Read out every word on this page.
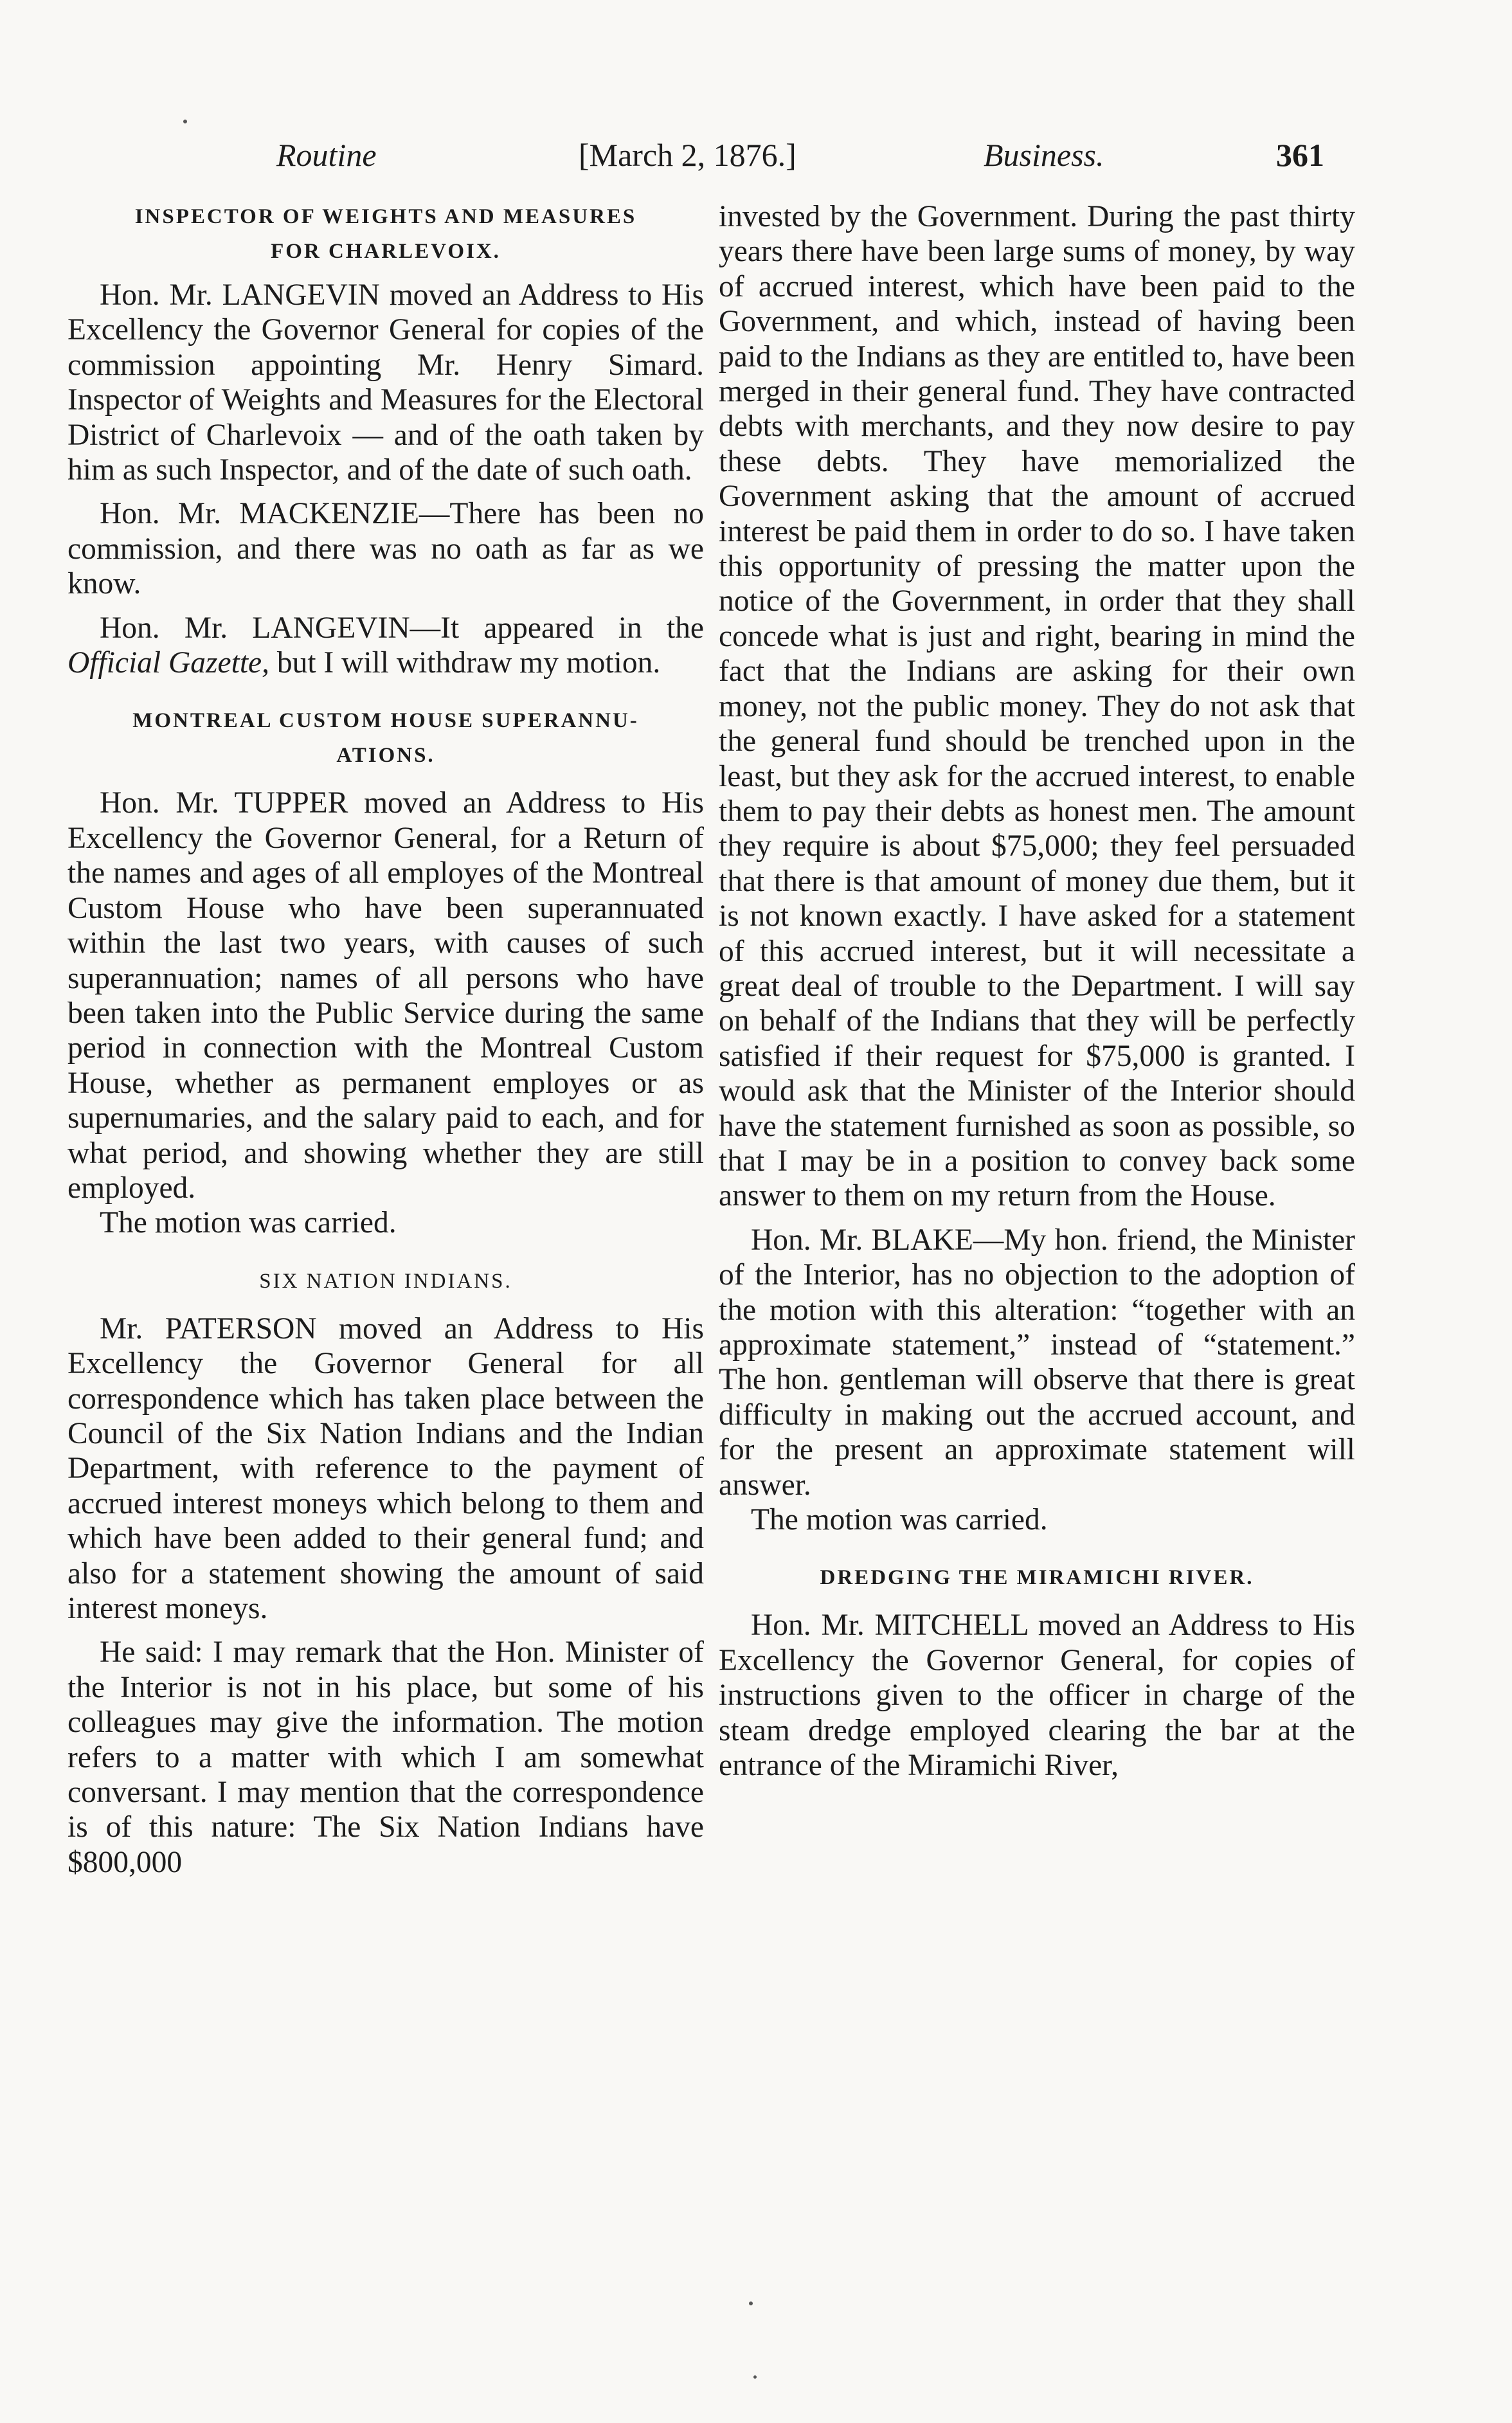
Routine	[March 2, 1876.]	Business.	361

INSPECTOR OF WEIGHTS AND MEASURES

FOR CHARLEVOIX.

Hon. Mr. LANGEVIN moved an Address to His Excellency the Governor General for copies of the commission appointing Mr. Henry Simard. Inspector of Weights and Measures for the Electoral District of Charlevoix — and of the oath taken by him as such Inspector, and of the date of such oath.

Hon. Mr. MACKENZIE—There has been no commission, and there was no oath as far as we know.

Hon. Mr. LANGEVIN—It appeared in the Official Gazette, but I will withdraw my motion.

MONTREAL CUSTOM HOUSE SUPERANNU-

ATIONS.

Hon. Mr. TUPPER moved an Address to His Excellency the Governor General, for a Return of the names and ages of all employes of the Montreal Custom House who have been superannuated within the last two years, with causes of such superannuation; names of all persons who have been taken into the Public Service during the same period in connection with the Montreal Custom House, whether as permanent employes or as supernumaries, and the salary paid to each, and for what period, and showing whether they are still employed.

The motion was carried.

SIX NATION INDIANS.

Mr. PATERSON moved an Address to His Excellency the Governor General for all correspondence which has taken place between the Council of the Six Nation Indians and the Indian Department, with reference to the payment of accrued interest moneys which belong to them and which have been added to their general fund; and also for a statement showing the amount of said interest moneys.

He said: I may remark that the Hon. Minister of the Interior is not in his place, but some of his colleagues may give the information. The motion refers to a matter with which I am somewhat conversant. I may mention that the correspondence is of this nature: The Six Nation Indians have $800,000

invested by the Government. During the past thirty years there have been large sums of money, by way of accrued interest, which have been paid to the Government, and which, instead of having been paid to the Indians as they are entitled to, have been merged in their general fund. They have contracted debts with merchants, and they now desire to pay these debts. They have memorialized the Government asking that the amount of accrued interest be paid them in order to do so. I have taken this opportunity of pressing the matter upon the notice of the Government, in order that they shall concede what is just and right, bearing in mind the fact that the Indians are asking for their own money, not the public money. They do not ask that the general fund should be trenched upon in the least, but they ask for the accrued interest, to enable them to pay their debts as honest men. The amount they require is about $75,000; they feel persuaded that there is that amount of money due them, but it is not known exactly. I have asked for a statement of this accrued interest, but it will necessitate a great deal of trouble to the Department. I will say on behalf of the Indians that they will be perfectly satisfied if their request for $75,000 is granted. I would ask that the Minister of the Interior should have the statement furnished as soon as possible, so that I may be in a position to convey back some answer to them on my return from the House.

Hon. Mr. BLAKE—My hon. friend, the Minister of the Interior, has no objection to the adoption of the motion with this alteration: “together with an approximate statement,” instead of “statement.” The hon. gentleman will observe that there is great difficulty in making out the accrued account, and for the present an approximate statement will answer.

The motion was carried.

DREDGING THE MIRAMICHI RIVER.

Hon. Mr. MITCHELL moved an Address to His Excellency the Governor General, for copies of instructions given to the officer in charge of the steam dredge employed clearing the bar at the entrance of the Miramichi River,
